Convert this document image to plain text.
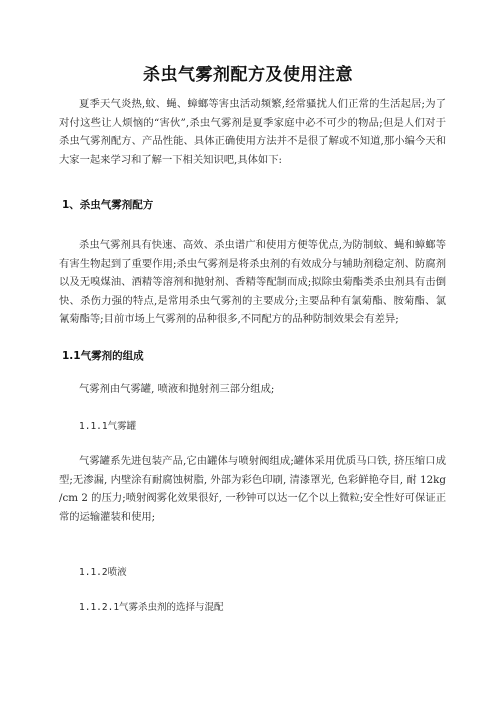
杀虫气雾剂配方及使用注意

夏季天气炎热,蚊、蝇、蟑螂等害虫活动频繁,经常骚扰人们正常的生活起居;为了对付这些让人烦恼的“害伙”,杀虫气雾剂是夏季家庭中必不可少的物品;但是人们对于杀虫气雾剂配方、产品性能、具体正确使用方法并不是很了解或不知道,那小编今天和大家一起来学习和了解一下相关知识吧,具体如下:

1、杀虫气雾剂配方

杀虫气雾剂具有快速、高效、杀虫谱广和使用方便等优点,为防制蚊、蝇和蟑螂等有害生物起到了重要作用;杀虫气雾剂是将杀虫剂的有效成分与辅助剂稳定剂、防腐剂以及无嗅煤油、酒精等溶剂和抛射剂、香精等配制而成;拟除虫菊酯类杀虫剂具有击倒快、杀伤力强的特点,是常用杀虫气雾剂的主要成分;主要品种有氯菊酯、胺菊酯、氯氰菊酯等;目前市场上气雾剂的品种很多,不同配方的品种防制效果会有差异;

1.1气雾剂的组成

气雾剂由气雾罐, 喷液和抛射剂三部分组成;

1.1.1气雾罐

气雾罐系先进包装产品,它由罐体与喷射阀组成;罐体采用优质马口铁, 挤压缩口成型;无渗漏, 内壁涂有耐腐蚀树脂, 外部为彩色印刷, 清漆罩光, 色彩鲜艳夺目, 耐 12kg /cm 2 的压力;喷射阀雾化效果很好, 一秒钟可以达一亿个以上微粒;安全性好可保证正常的运输灌装和使用;

1.1.2喷液

1.1.2.1气雾杀虫剂的选择与混配
